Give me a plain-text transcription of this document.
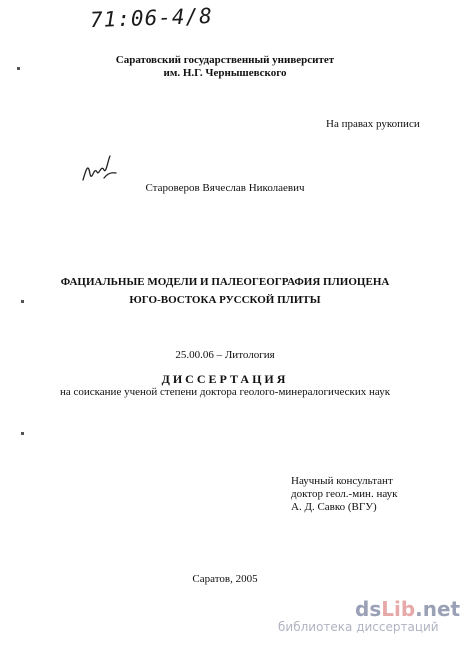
71:06-4/8
Саратовский государственный университет
им. Н.Г. Чернышевского
На правах рукописи
Староверов Вячеслав Николаевич
ФАЦИАЛЬНЫЕ МОДЕЛИ И ПАЛЕОГЕОГРАФИЯ ПЛИОЦЕНА
ЮГО-ВОСТОКА РУССКОЙ ПЛИТЫ
25.00.06 – Литология
ДИССЕРТАЦИЯ
на соискание ученой степени доктора геолого-минералогических наук
Научный консультант
доктор геол.-мин. наук
А. Д. Савко (ВГУ)
Саратов, 2005
dsLib.net
библиотека диссертаций
